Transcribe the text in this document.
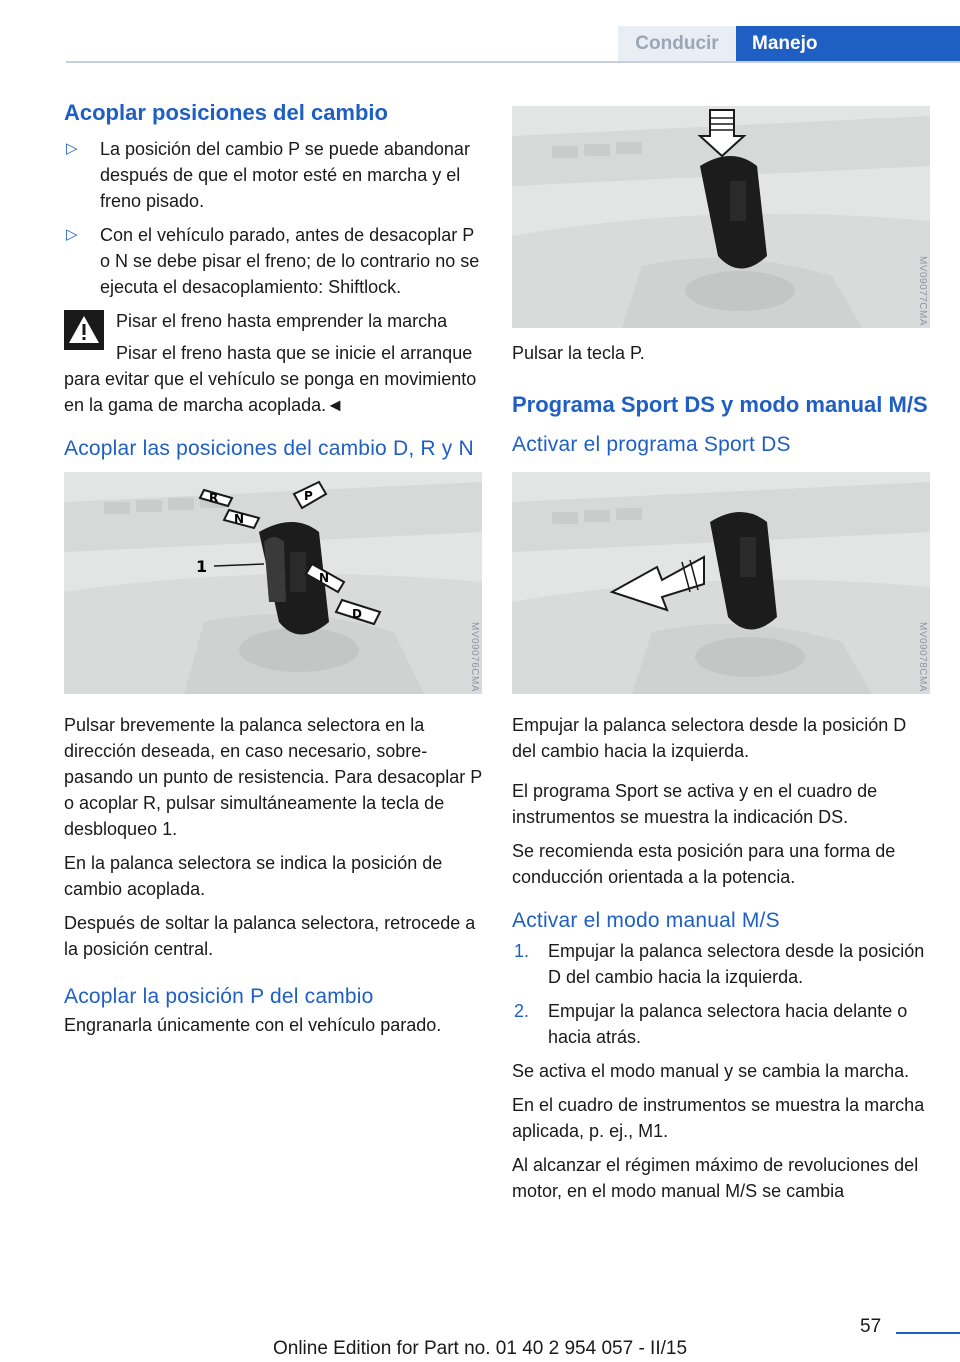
Conducir	Manejo
Acoplar posiciones del cambio
▷	La posición del cambio P se puede abandonar después de que el motor esté en marcha y el freno pisado.
▷	Con el vehículo parado, antes de desacoplar P o N se debe pisar el freno; de lo contrario no se ejecuta el desacoplamiento: Shiftlock.
Pisar el freno hasta emprender la marcha
Pisar el freno hasta que se inicie el arranque para evitar que el vehículo se ponga en movimiento en la gama de marcha acoplada.◄
Acoplar las posiciones del cambio D, R y N
R
N
P
N
D
1
MV09076CMA

Pulsar brevemente la palanca selectora en la dirección deseada, en caso necesario, sobrepasando un punto de resistencia. Para desacoplar P o acoplar R, pulsar simultáneamente la tecla de desbloqueo 1.

En la palanca selectora se indica la posición de cambio acoplada.

Después de soltar la palanca selectora, retrocede a la posición central.

Acoplar la posición P del cambio

Engranarla únicamente con el vehículo parado.

MV09077CMA

Pulsar la tecla P.

Programa Sport DS y modo manual M/S
Activar el programa Sport DS
MV09078CMA

Empujar la palanca selectora desde la posición D del cambio hacia la izquierda.

El programa Sport se activa y en el cuadro de instrumentos se muestra la indicación DS.

Se recomienda esta posición para una forma de conducción orientada a la potencia.

Activar el modo manual M/S
1.	Empujar la palanca selectora desde la posición D del cambio hacia la izquierda.
2.	Empujar la palanca selectora hacia delante o hacia atrás.

Se activa el modo manual y se cambia la marcha.

En el cuadro de instrumentos se muestra la marcha aplicada, p. ej., M1.

Al alcanzar el régimen máximo de revoluciones del motor, en el modo manual M/S se cambia

57
Online Edition for Part no. 01 40 2 954 057 - II/15
